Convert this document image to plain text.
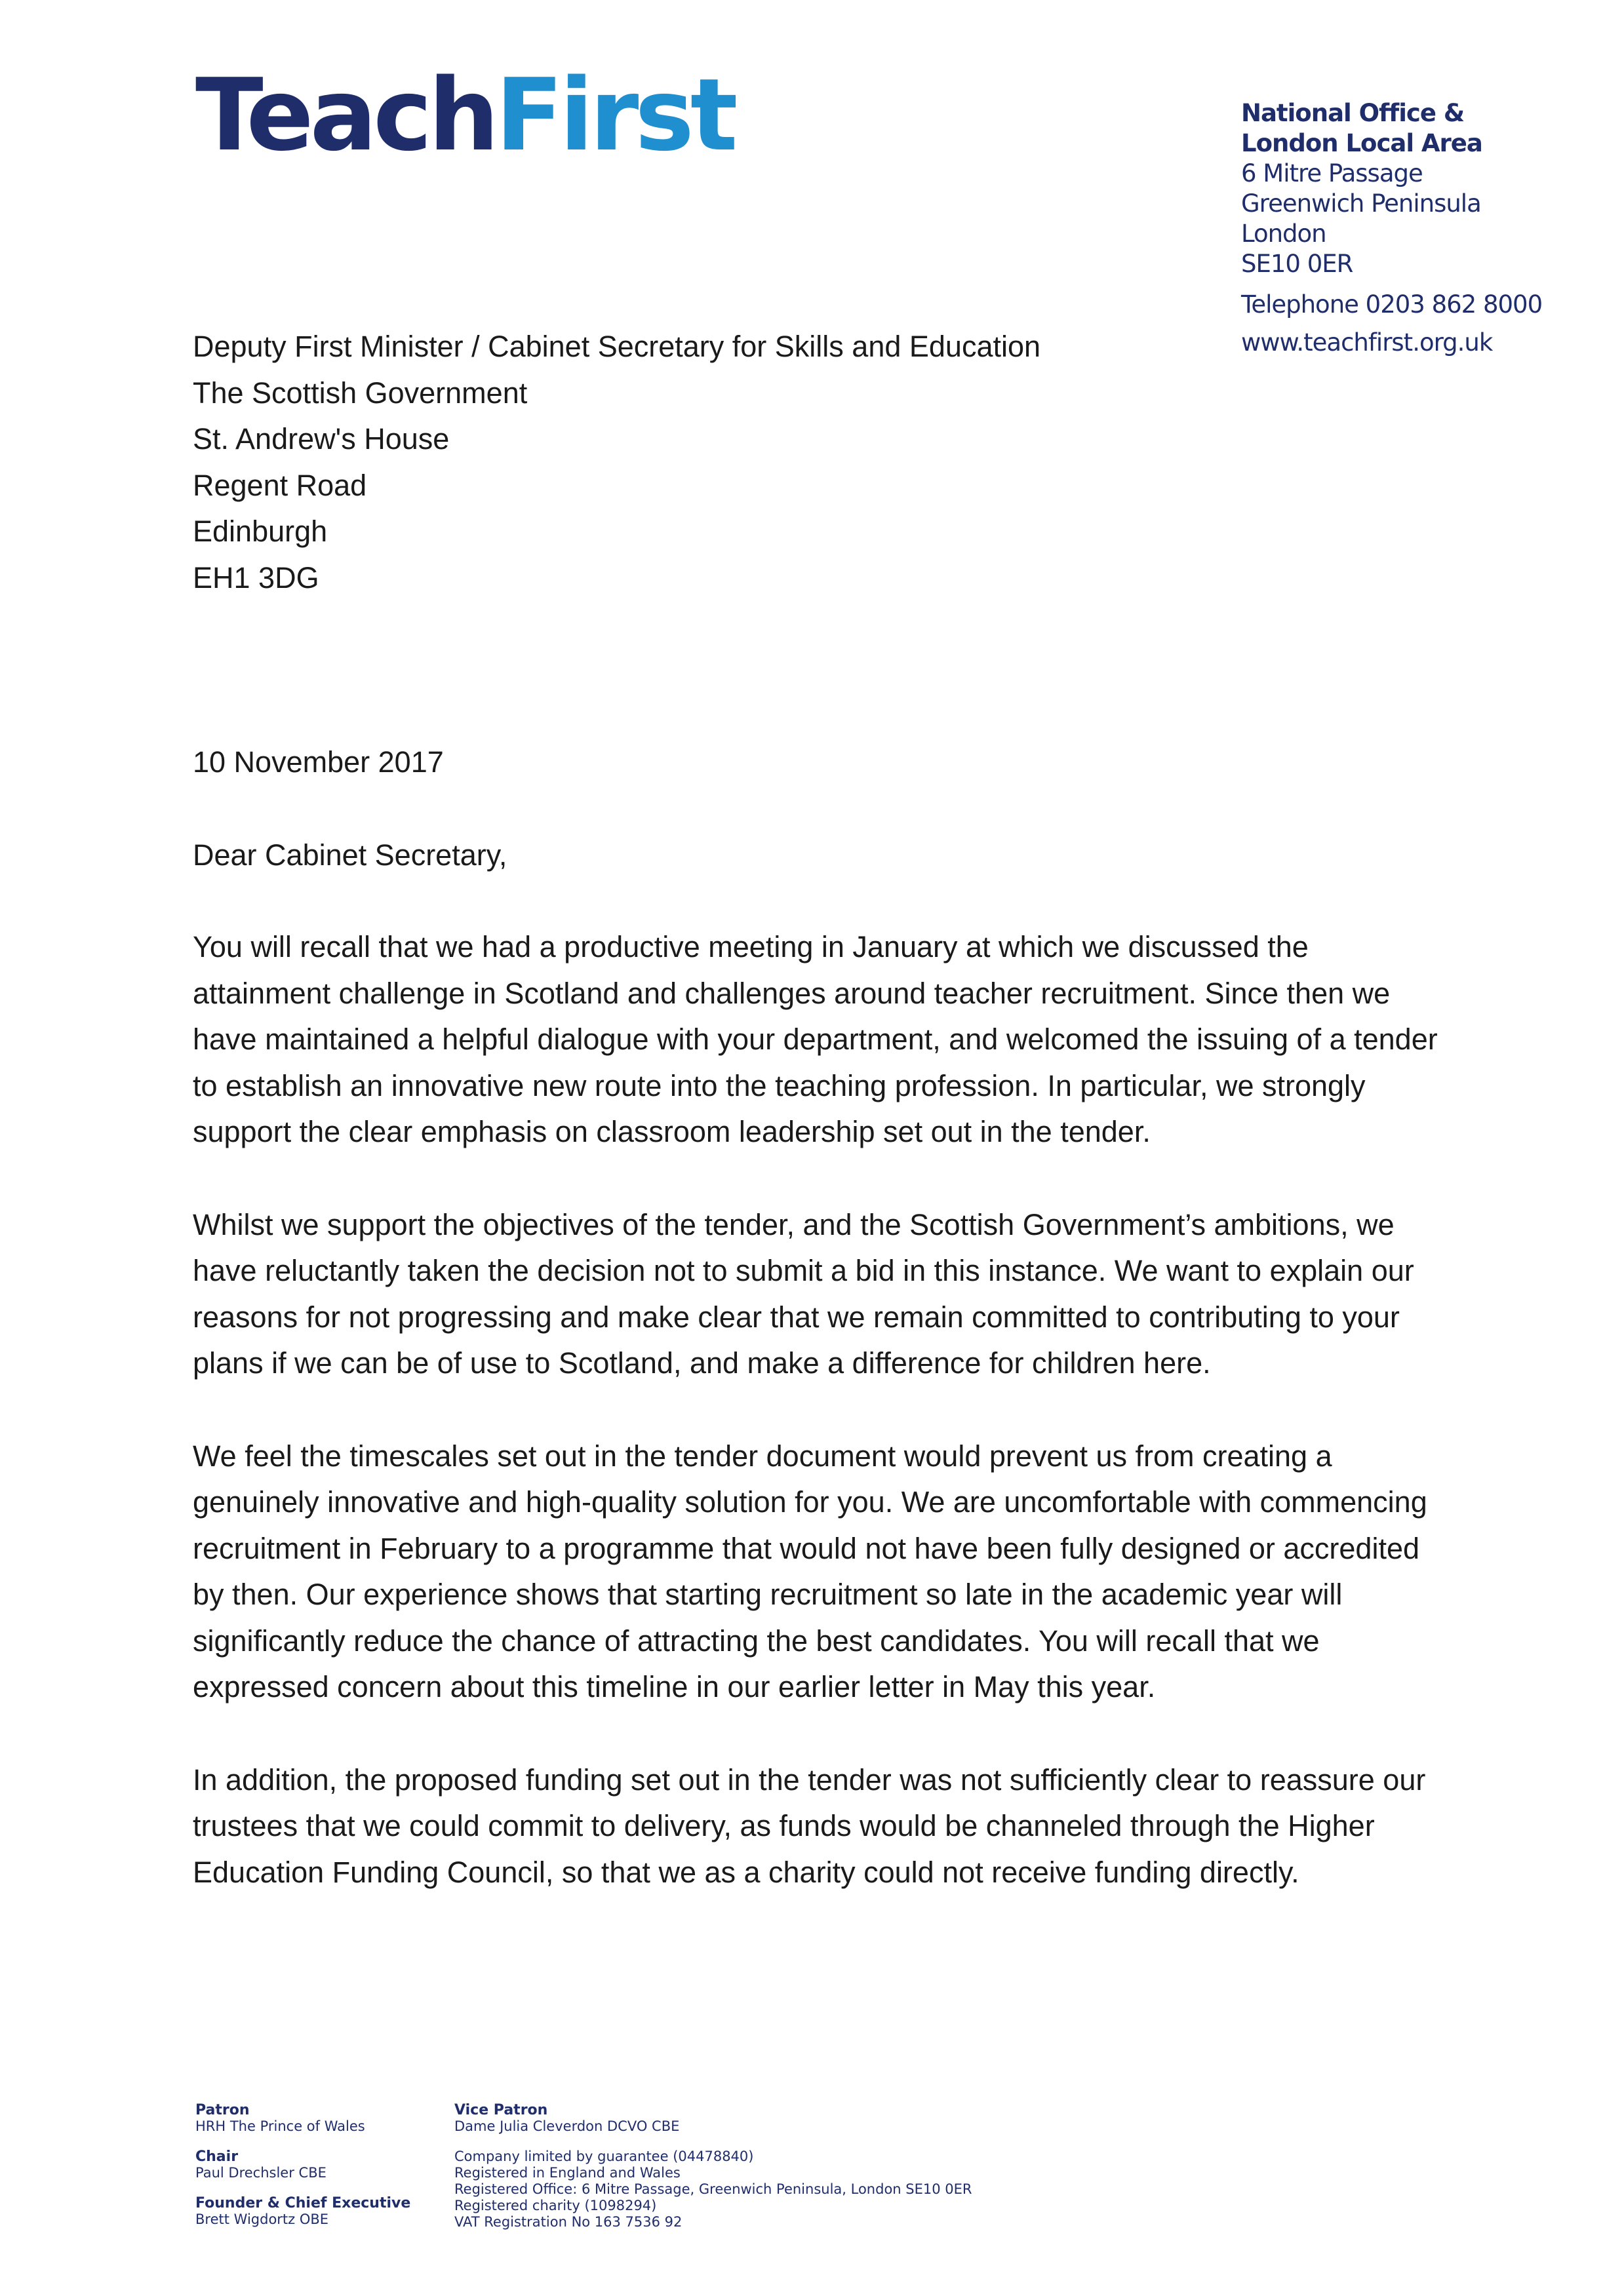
TeachFirst	National Office &
London Local Area
6 Mitre Passage
Greenwich Peninsula
London
SE10 0ER
Telephone 0203 862 8000
www.teachfirst.org.uk
Deputy First Minister / Cabinet Secretary for Skills and Education
The Scottish Government
St. Andrew's House
Regent Road
Edinburgh
EH1 3DG
10 November 2017
Dear Cabinet Secretary,

You will recall that we had a productive meeting in January at which we discussed the
attainment challenge in Scotland and challenges around teacher recruitment. Since then we
have maintained a helpful dialogue with your department, and welcomed the issuing of a tender
to establish an innovative new route into the teaching profession. In particular, we strongly
support the clear emphasis on classroom leadership set out in the tender.

Whilst we support the objectives of the tender, and the Scottish Government’s ambitions, we
have reluctantly taken the decision not to submit a bid in this instance. We want to explain our
reasons for not progressing and make clear that we remain committed to contributing to your
plans if we can be of use to Scotland, and make a difference for children here.

We feel the timescales set out in the tender document would prevent us from creating a
genuinely innovative and high-quality solution for you. We are uncomfortable with commencing
recruitment in February to a programme that would not have been fully designed or accredited
by then. Our experience shows that starting recruitment so late in the academic year will
significantly reduce the chance of attracting the best candidates. You will recall that we
expressed concern about this timeline in our earlier letter in May this year.

In addition, the proposed funding set out in the tender was not sufficiently clear to reassure our
trustees that we could commit to delivery, as funds would be channeled through the Higher
Education Funding Council, so that we as a charity could not receive funding directly.

Patron
HRH The Prince of Wales
Chair
Paul Drechsler CBE
Founder & Chief Executive
Brett Wigdortz OBE
Vice Patron
Dame Julia Cleverdon DCVO CBE
Company limited by guarantee (04478840)
Registered in England and Wales
Registered Office: 6 Mitre Passage, Greenwich Peninsula, London SE10 0ER
Registered charity (1098294)
VAT Registration No 163 7536 92
